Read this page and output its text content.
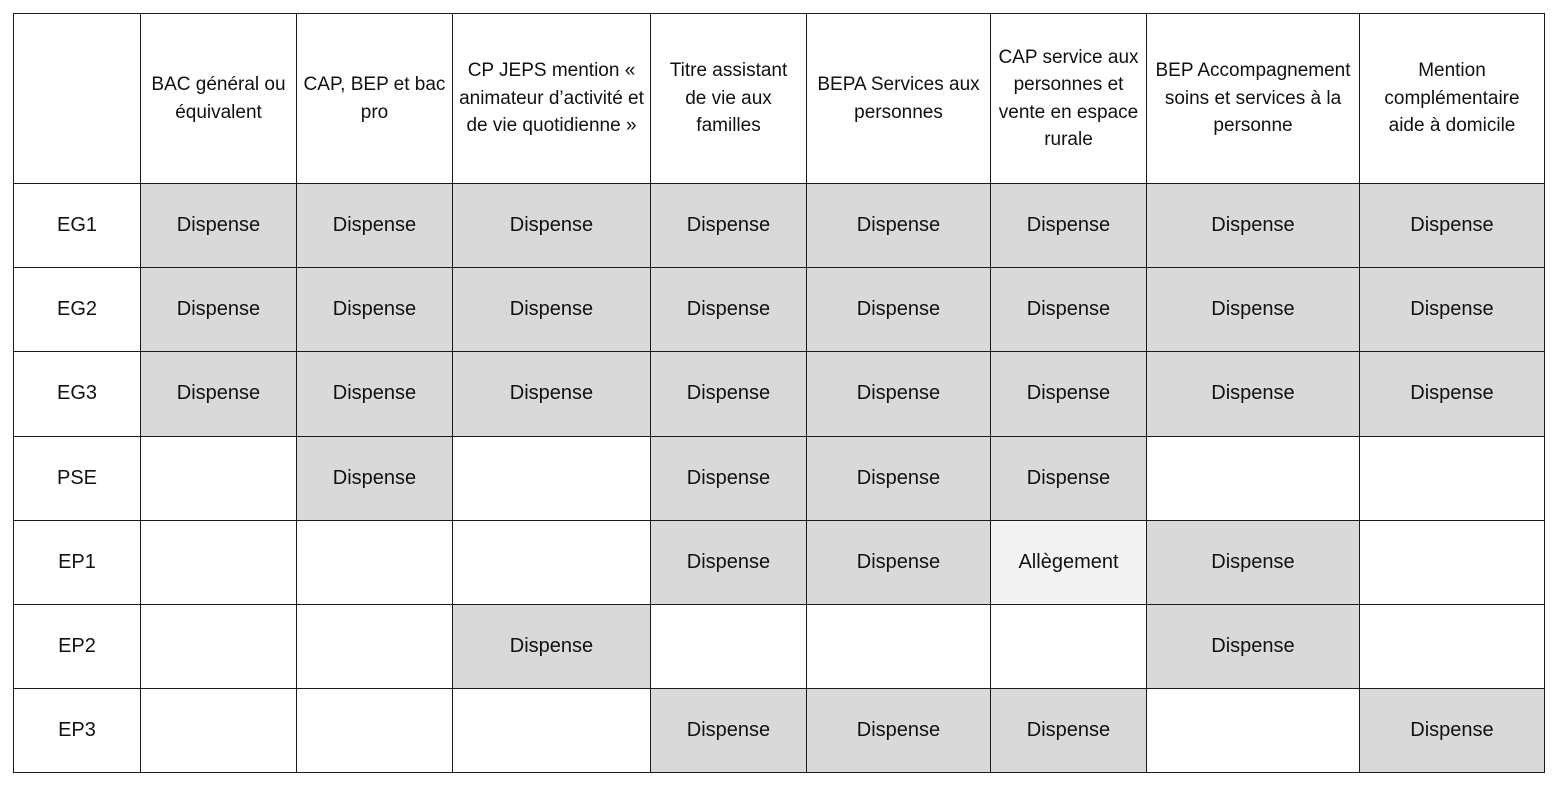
	BAC général ou équivalent	CAP, BEP et bac pro	CP JEPS mention « animateur d’activité et de vie quotidienne »	Titre assistant de vie aux familles	BEPA Services aux personnes	CAP service aux personnes et vente en espace rurale	BEP Accompagnement soins et services à la personne	Mention complémentaire aide à domicile
EG1	Dispense	Dispense	Dispense	Dispense	Dispense	Dispense	Dispense	Dispense
EG2	Dispense	Dispense	Dispense	Dispense	Dispense	Dispense	Dispense	Dispense
EG3	Dispense	Dispense	Dispense	Dispense	Dispense	Dispense	Dispense	Dispense
PSE		Dispense		Dispense	Dispense	Dispense		
EP1				Dispense	Dispense	Allègement	Dispense	
EP2			Dispense				Dispense	
EP3				Dispense	Dispense	Dispense		Dispense
